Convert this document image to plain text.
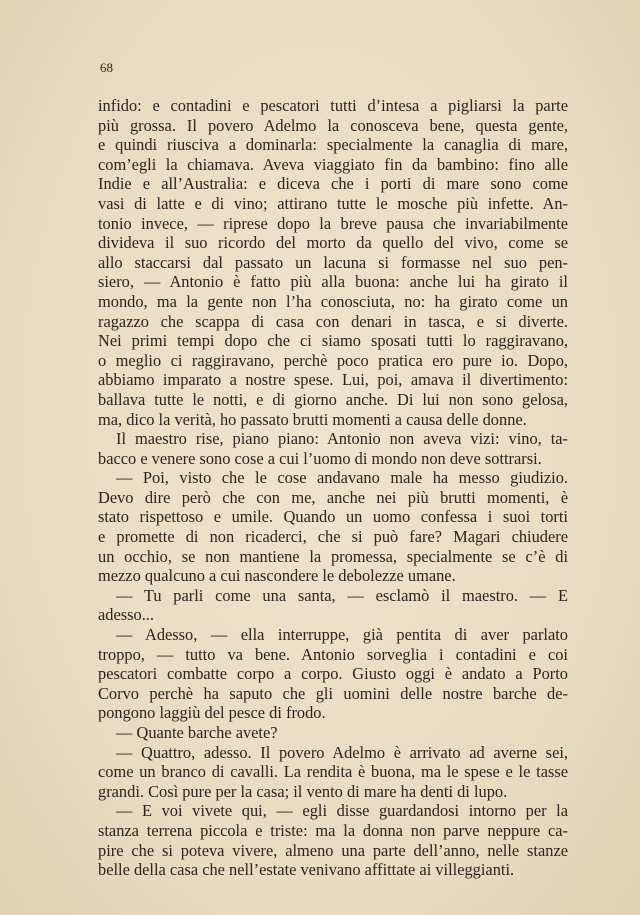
68
infido: e contadini e pescatori tutti d’intesa a pigliarsi la parte
più grossa. Il povero Adelmo la conosceva bene, questa gente,
e quindi riusciva a dominarla: specialmente la canaglia di mare,
com’egli la chiamava. Aveva viaggiato fin da bambino: fino alle
Indie e all’Australia: e diceva che i porti di mare sono come
vasi di latte e di vino; attirano tutte le mosche più infette. An-
tonio invece, — riprese dopo la breve pausa che invariabilmente
divideva il suo ricordo del morto da quello del vivo, come se
allo staccarsi dal passato un lacuna si formasse nel suo pen-
siero, — Antonio è fatto più alla buona: anche lui ha girato il
mondo, ma la gente non l’ha conosciuta, no: ha girato come un
ragazzo che scappa di casa con denari in tasca, e si diverte.
Nei primi tempi dopo che ci siamo sposati tutti lo raggiravano,
o meglio ci raggiravano, perchè poco pratica ero pure io. Dopo,
abbiamo imparato a nostre spese. Lui, poi, amava il divertimento:
ballava tutte le notti, e di giorno anche. Di lui non sono gelosa,
ma, dico la verità, ho passato brutti momenti a causa delle donne.
Il maestro rise, piano piano: Antonio non aveva vizi: vino, ta-
bacco e venere sono cose a cui l’uomo di mondo non deve sottrarsi.
— Poi, visto che le cose andavano male ha messo giudizio.
Devo dire però che con me, anche nei più brutti momenti, è
stato rispettoso e umile. Quando un uomo confessa i suoi torti
e promette di non ricaderci, che si può fare? Magari chiudere
un occhio, se non mantiene la promessa, specialmente se c’è di
mezzo qualcuno a cui nascondere le debolezze umane.
— Tu parli come una santa, — esclamò il maestro. — E
adesso...
— Adesso, — ella interruppe, già pentita di aver parlato
troppo, — tutto va bene. Antonio sorveglia i contadini e coi
pescatori combatte corpo a corpo. Giusto oggi è andato a Porto
Corvo perchè ha saputo che gli uomini delle nostre barche de-
pongono laggiù del pesce di frodo.
— Quante barche avete?
— Quattro, adesso. Il povero Adelmo è arrivato ad averne sei,
come un branco di cavalli. La rendita è buona, ma le spese e le tasse
grandi. Così pure per la casa; il vento di mare ha denti di lupo.
— E voi vivete qui, — egli disse guardandosi intorno per la
stanza terrena piccola e triste: ma la donna non parve neppure ca-
pire che si poteva vivere, almeno una parte dell’anno, nelle stanze
belle della casa che nell’estate venivano affittate ai villeggianti.
